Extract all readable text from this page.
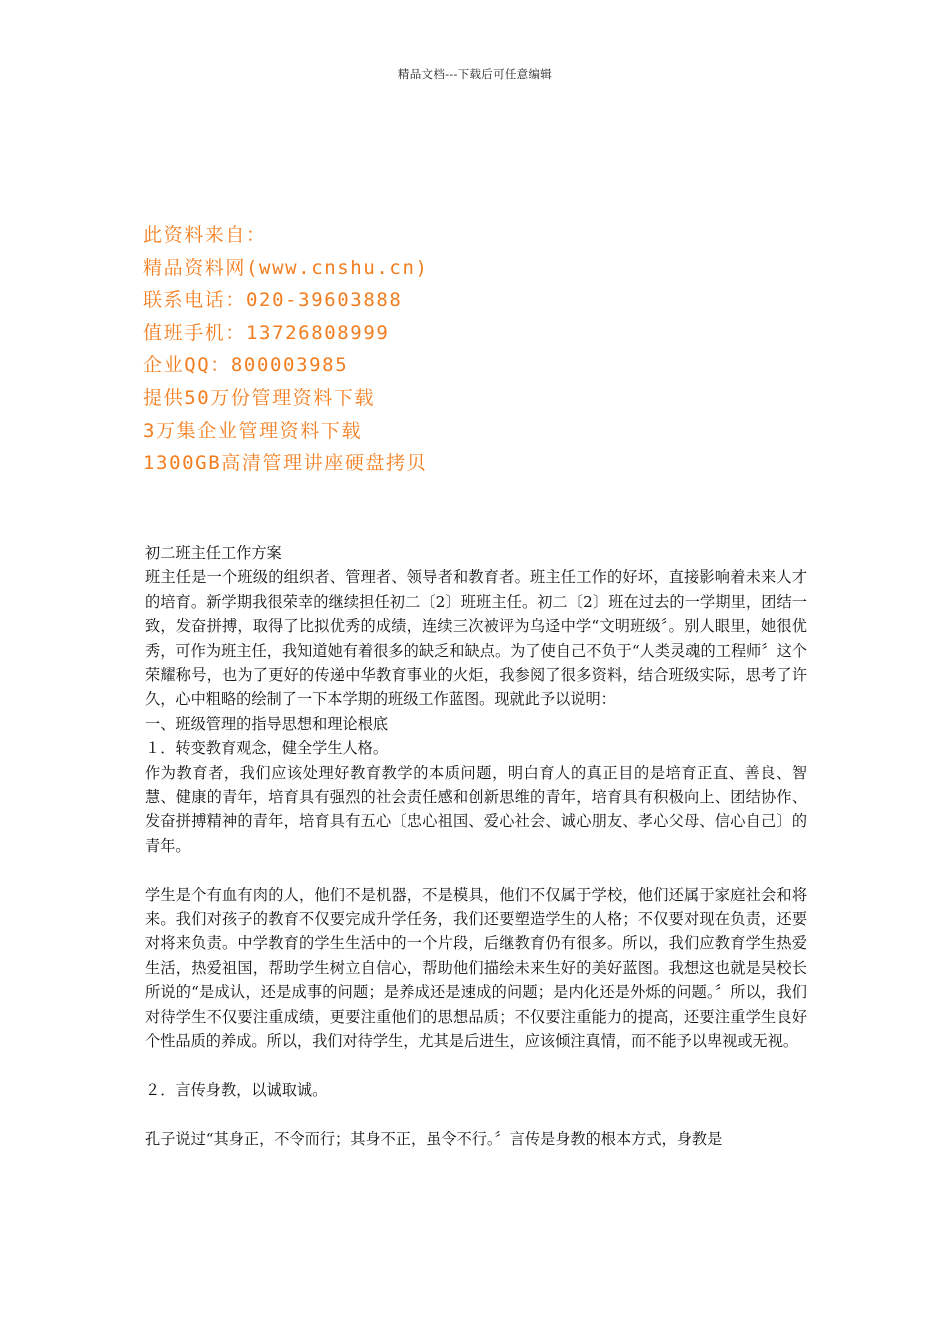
精品文档---下载后可任意编辑
此资料来自：
精品资料网(www.cnshu.cn)
联系电话：020-39603888
值班手机：13726808999
企业QQ：800003985
提供50万份管理资料下载
3万集企业管理资料下载
1300GB高清管理讲座硬盘拷贝

初二班主任工作方案

班主任是一个班级的组织者、管理者、领导者和教育者。班主任工作的好坏，直接影响着未来人才的培育。新学期我很荣幸的继续担任初二〔2〕班班主任。初二〔2〕班在过去的一学期里，团结一致，发奋拼搏，取得了比拟优秀的成绩，连续三次被评为乌迳中学“文明班级〞。别人眼里，她很优秀，可作为班主任，我知道她有着很多的缺乏和缺点。为了使自己不负于“人类灵魂的工程师〞这个荣耀称号，也为了更好的传递中华教育事业的火炬，我参阅了很多资料，结合班级实际，思考了许久，心中粗略的绘制了一下本学期的班级工作蓝图。现就此予以说明：

一、班级管理的指导思想和理论根底

１．转变教育观念，健全学生人格。

作为教育者，我们应该处理好教育教学的本质问题，明白育人的真正目的是培育正直、善良、智慧、健康的青年，培育具有强烈的社会责任感和创新思维的青年，培育具有积极向上、团结协作、发奋拼搏精神的青年，培育具有五心〔忠心祖国、爱心社会、诚心朋友、孝心父母、信心自己〕的青年。

学生是个有血有肉的人，他们不是机器，不是模具，他们不仅属于学校，他们还属于家庭社会和将来。我们对孩子的教育不仅要完成升学任务，我们还要塑造学生的人格；不仅要对现在负责，还要对将来负责。中学教育的学生生活中的一个片段，后继教育仍有很多。所以，我们应教育学生热爱生活，热爱祖国，帮助学生树立自信心，帮助他们描绘未来生好的美好蓝图。我想这也就是吴校长所说的“是成认，还是成事的问题；是养成还是速成的问题；是内化还是外烁的问题。〞所以，我们对待学生不仅要注重成绩，更要注重他们的思想品质；不仅要注重能力的提高，还要注重学生良好个性品质的养成。所以，我们对待学生，尤其是后进生，应该倾注真情，而不能予以卑视或无视。

２．言传身教，以诚取诚。

孔子说过“其身正，不令而行；其身不正，虽令不行。〞言传是身教的根本方式，身教是
